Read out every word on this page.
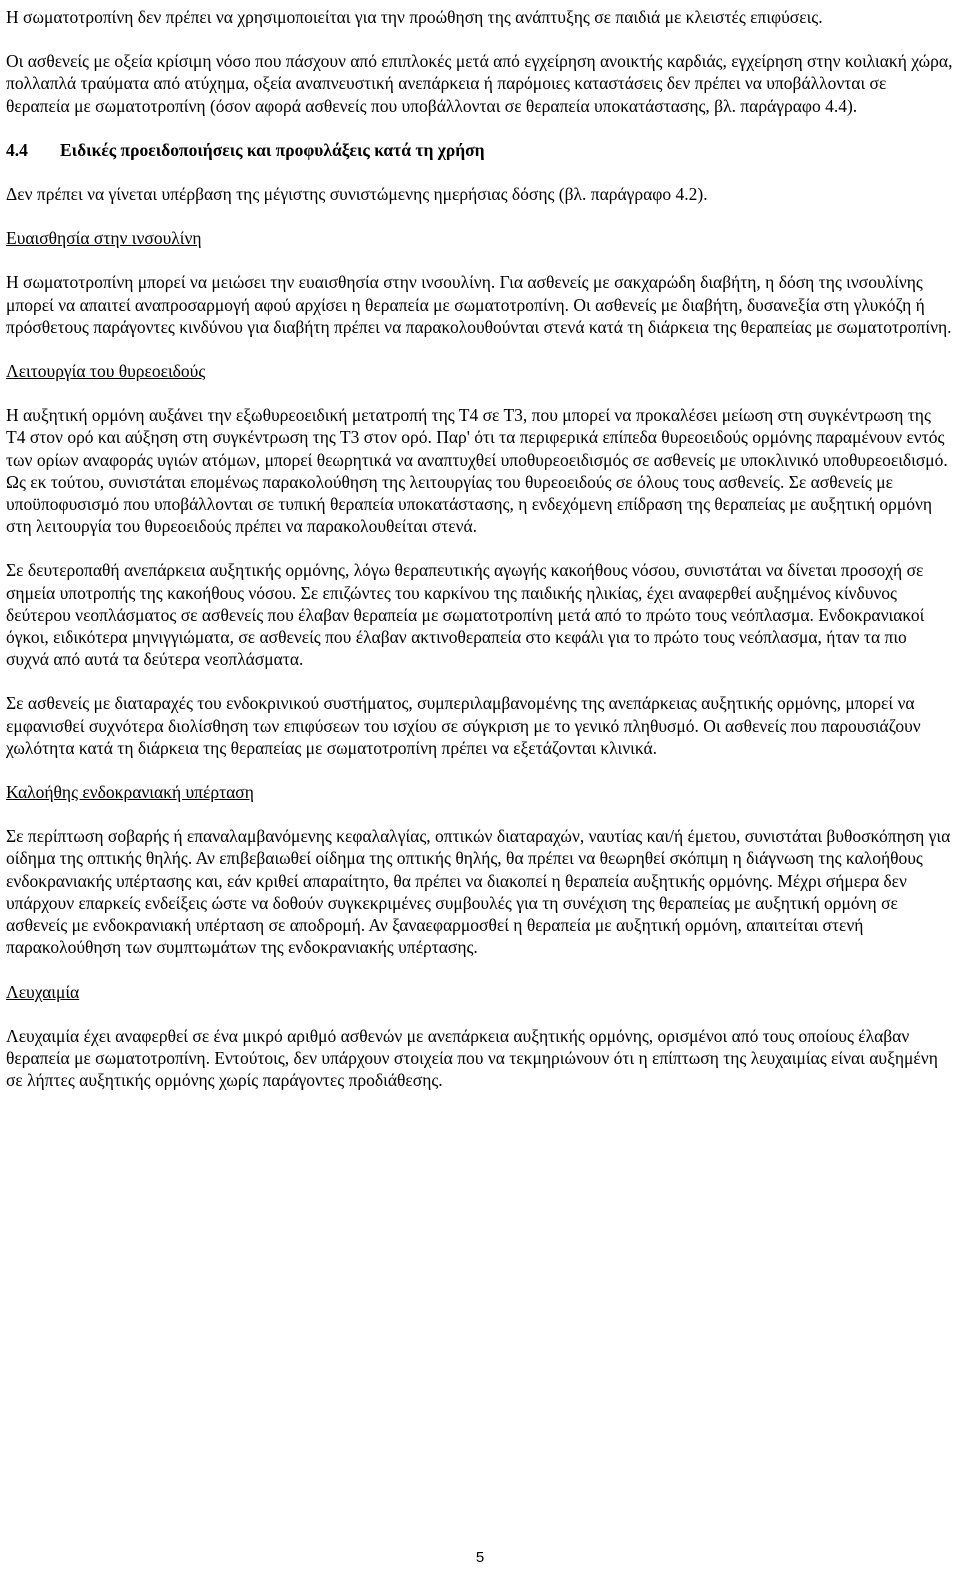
Η σωματοτροπίνη δεν πρέπει να χρησιμοποιείται για την προώθηση της ανάπτυξης σε παιδιά με κλειστές επιφύσεις.

Οι ασθενείς με οξεία κρίσιμη νόσο που πάσχουν από επιπλοκές μετά από εγχείρηση ανοικτής καρδιάς, εγχείρηση στην κοιλιακή χώρα, πολλαπλά τραύματα από ατύχημα, οξεία αναπνευστική ανεπάρκεια ή παρόμοιες καταστάσεις δεν πρέπει να υποβάλλονται σε θεραπεία με σωματοτροπίνη (όσον αφορά ασθενείς που υποβάλλονται σε θεραπεία υποκατάστασης, βλ. παράγραφο 4.4).

4.4 Ειδικές προειδοποιήσεις και προφυλάξεις κατά τη χρήση

Δεν πρέπει να γίνεται υπέρβαση της μέγιστης συνιστώμενης ημερήσιας δόσης (βλ. παράγραφο 4.2).

Ευαισθησία στην ινσουλίνη

Η σωματοτροπίνη μπορεί να μειώσει την ευαισθησία στην ινσουλίνη. Για ασθενείς με σακχαρώδη διαβήτη, η δόση της ινσουλίνης μπορεί να απαιτεί αναπροσαρμογή αφού αρχίσει η θεραπεία με σωματοτροπίνη. Οι ασθενείς με διαβήτη, δυσανεξία στη γλυκόζη ή πρόσθετους παράγοντες κινδύνου για διαβήτη πρέπει να παρακολουθούνται στενά κατά τη διάρκεια της θεραπείας με σωματοτροπίνη.

Λειτουργία του θυρεοειδούς

Η αυξητική ορμόνη αυξάνει την εξωθυρεοειδική μετατροπή της Τ4 σε Τ3, που μπορεί να προκαλέσει μείωση στη συγκέντρωση της Τ4 στον ορό και αύξηση στη συγκέντρωση της Τ3 στον ορό. Παρ' ότι τα περιφερικά επίπεδα θυρεοειδούς ορμόνης παραμένουν εντός των ορίων αναφοράς υγιών ατόμων, μπορεί θεωρητικά να αναπτυχθεί υποθυρεοειδισμός σε ασθενείς με υποκλινικό υποθυρεοειδισμό. Ως εκ τούτου, συνιστάται επομένως παρακολούθηση της λειτουργίας του θυρεοειδούς σε όλους τους ασθενείς. Σε ασθενείς με υποϋποφυσισμό που υποβάλλονται σε τυπική θεραπεία υποκατάστασης, η ενδεχόμενη επίδραση της θεραπείας με αυξητική ορμόνη στη λειτουργία του θυρεοειδούς πρέπει να παρακολουθείται στενά.

Σε δευτεροπαθή ανεπάρκεια αυξητικής ορμόνης, λόγω θεραπευτικής αγωγής κακοήθους νόσου, συνιστάται να δίνεται προσοχή σε σημεία υποτροπής της κακοήθους νόσου. Σε επιζώντες του καρκίνου της παιδικής ηλικίας, έχει αναφερθεί αυξημένος κίνδυνος δεύτερου νεοπλάσματος σε ασθενείς που έλαβαν θεραπεία με σωματοτροπίνη μετά από το πρώτο τους νεόπλασμα. Ενδοκρανιακοί όγκοι, ειδικότερα μηνιγγιώματα, σε ασθενείς που έλαβαν ακτινοθεραπεία στο κεφάλι για το πρώτο τους νεόπλασμα, ήταν τα πιο συχνά από αυτά τα δεύτερα νεοπλάσματα.

Σε ασθενείς με διαταραχές του ενδοκρινικού συστήματος, συμπεριλαμβανομένης της ανεπάρκειας αυξητικής ορμόνης, μπορεί να εμφανισθεί συχνότερα διολίσθηση των επιφύσεων του ισχίου σε σύγκριση με το γενικό πληθυσμό. Οι ασθενείς που παρουσιάζουν χωλότητα κατά τη διάρκεια της θεραπείας με σωματοτροπίνη πρέπει να εξετάζονται κλινικά.

Καλοήθης ενδοκρανιακή υπέρταση

Σε περίπτωση σοβαρής ή επαναλαμβανόμενης κεφαλαλγίας, οπτικών διαταραχών, ναυτίας και/ή έμετου, συνιστάται βυθοσκόπηση για οίδημα της οπτικής θηλής. Αν επιβεβαιωθεί οίδημα της οπτικής θηλής, θα πρέπει να θεωρηθεί σκόπιμη η διάγνωση της καλοήθους ενδοκρανιακής υπέρτασης και, εάν κριθεί απαραίτητο, θα πρέπει να διακοπεί η θεραπεία αυξητικής ορμόνης. Μέχρι σήμερα δεν υπάρχουν επαρκείς ενδείξεις ώστε να δοθούν συγκεκριμένες συμβουλές για τη συνέχιση της θεραπείας με αυξητική ορμόνη σε ασθενείς με ενδοκρανιακή υπέρταση σε αποδρομή. Αν ξαναεφαρμοσθεί η θεραπεία με αυξητική ορμόνη, απαιτείται στενή παρακολούθηση των συμπτωμάτων της ενδοκρανιακής υπέρτασης.

Λευχαιμία

Λευχαιμία έχει αναφερθεί σε ένα μικρό αριθμό ασθενών με ανεπάρκεια αυξητικής ορμόνης, ορισμένοι από τους οποίους έλαβαν θεραπεία με σωματοτροπίνη. Εντούτοις, δεν υπάρχουν στοιχεία που να τεκμηριώνουν ότι η επίπτωση της λευχαιμίας είναι αυξημένη σε λήπτες αυξητικής ορμόνης χωρίς παράγοντες προδιάθεσης.

5
